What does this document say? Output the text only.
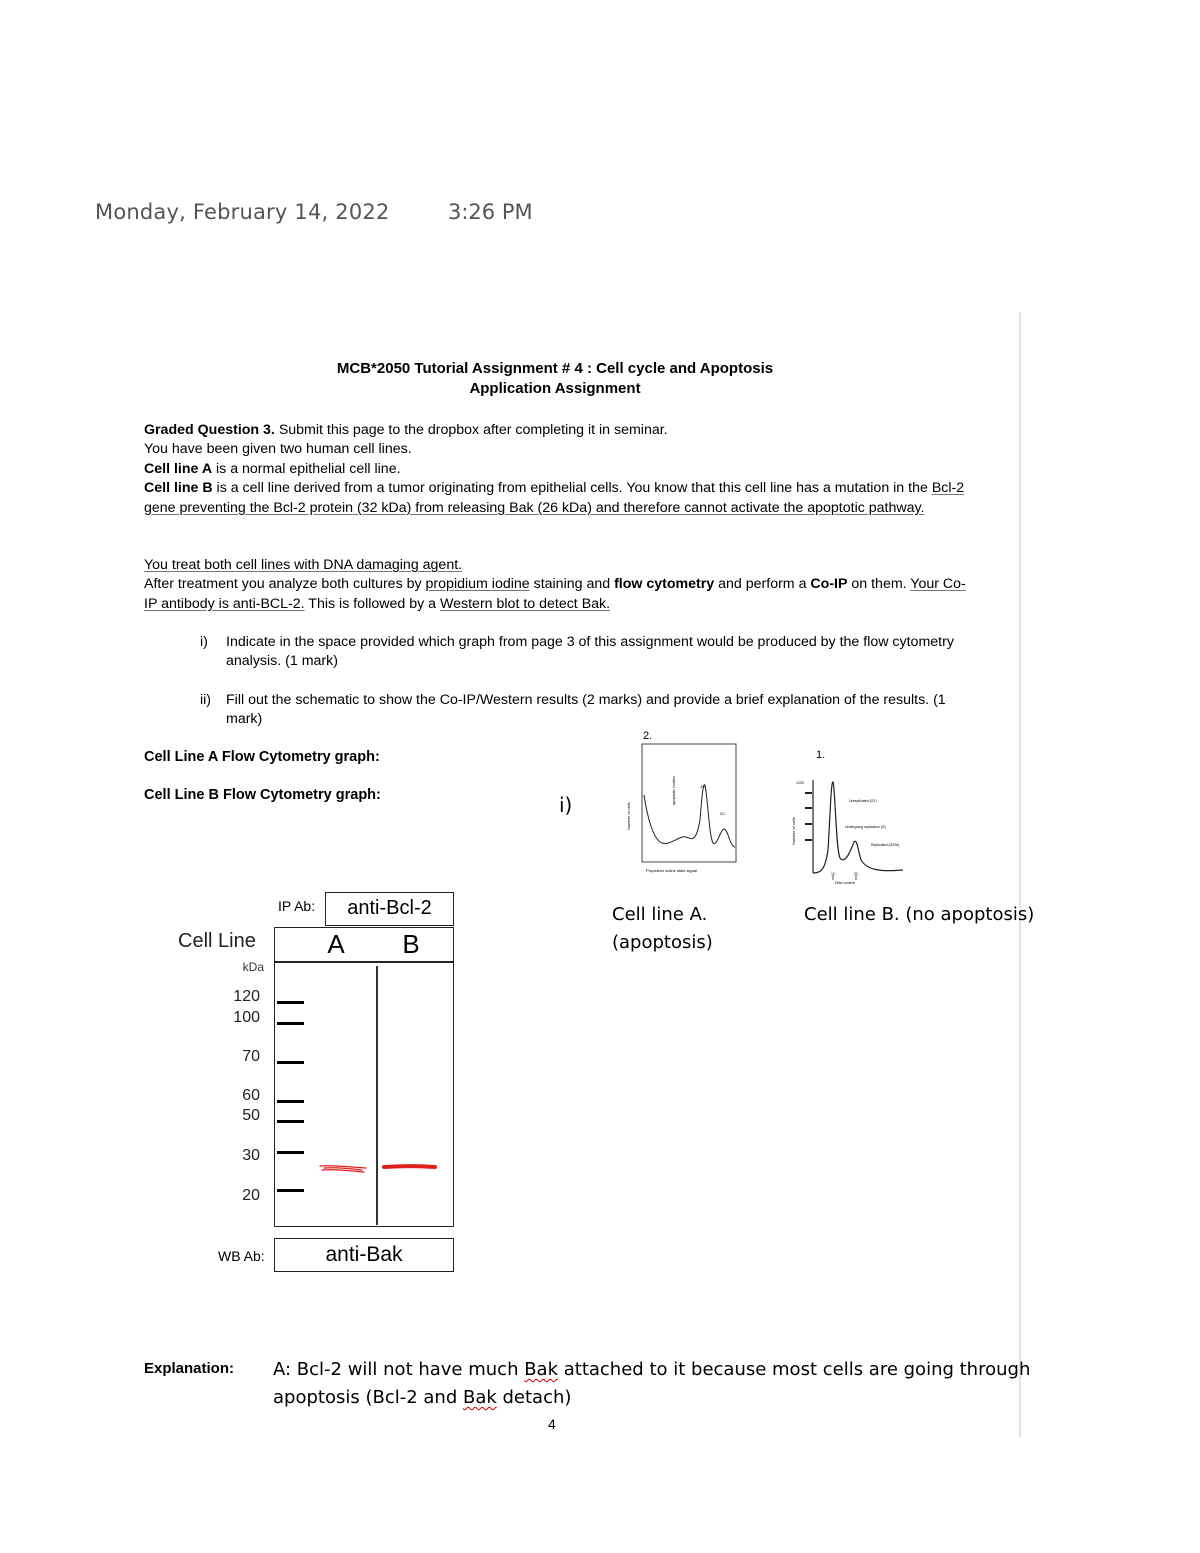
Monday, February 14, 2022	3:26 PM
MCB*2050 Tutorial Assignment # 4 : Cell cycle and Apoptosis
Application Assignment
Graded Question 3. Submit this page to the dropbox after completing it in seminar.
You have been given two human cell lines.
Cell line A is a normal epithelial cell line.
Cell line B is a cell line derived from a tumor originating from epithelial cells. You know that this cell line has a mutation in the Bcl-2 gene preventing the Bcl-2 protein (32 kDa) from releasing Bak (26 kDa) and therefore cannot activate the apoptotic pathway.
You treat both cell lines with DNA damaging agent.
After treatment you analyze both cultures by propidium iodine staining and flow cytometry and perform a Co-IP on them. Your Co-IP antibody is anti-BCL-2. This is followed by a Western blot to detect Bak.
i) Indicate in the space provided which graph from page 3 of this assignment would be produced by the flow cytometry analysis. (1 mark)
ii) Fill out the schematic to show the Co-IP/Western results (2 marks) and provide a brief explanation of the results. (1 mark)
Cell Line A Flow Cytometry graph:
Cell Line B Flow Cytometry graph:	i)
2.
Number of cells
apoptotic bodies	1C
2C
Propidium iodine stain signal
1.
Number of cells
1200
Unreplicated (G1)
Undergoing replication (S)
Replicated (G2/M)
1C	2C
DNA content
Cell line A.
(apoptosis)
Cell line B. (no apoptosis)
IP Ab:	anti-Bcl-2
Cell Line	A	B
kDa
120
100
70
60
50
30
20
WB Ab:	anti-Bak
Explanation: A: Bcl-2 will not have much Bak attached to it because most cells are going through apoptosis (Bcl-2 and Bak detach)
4
